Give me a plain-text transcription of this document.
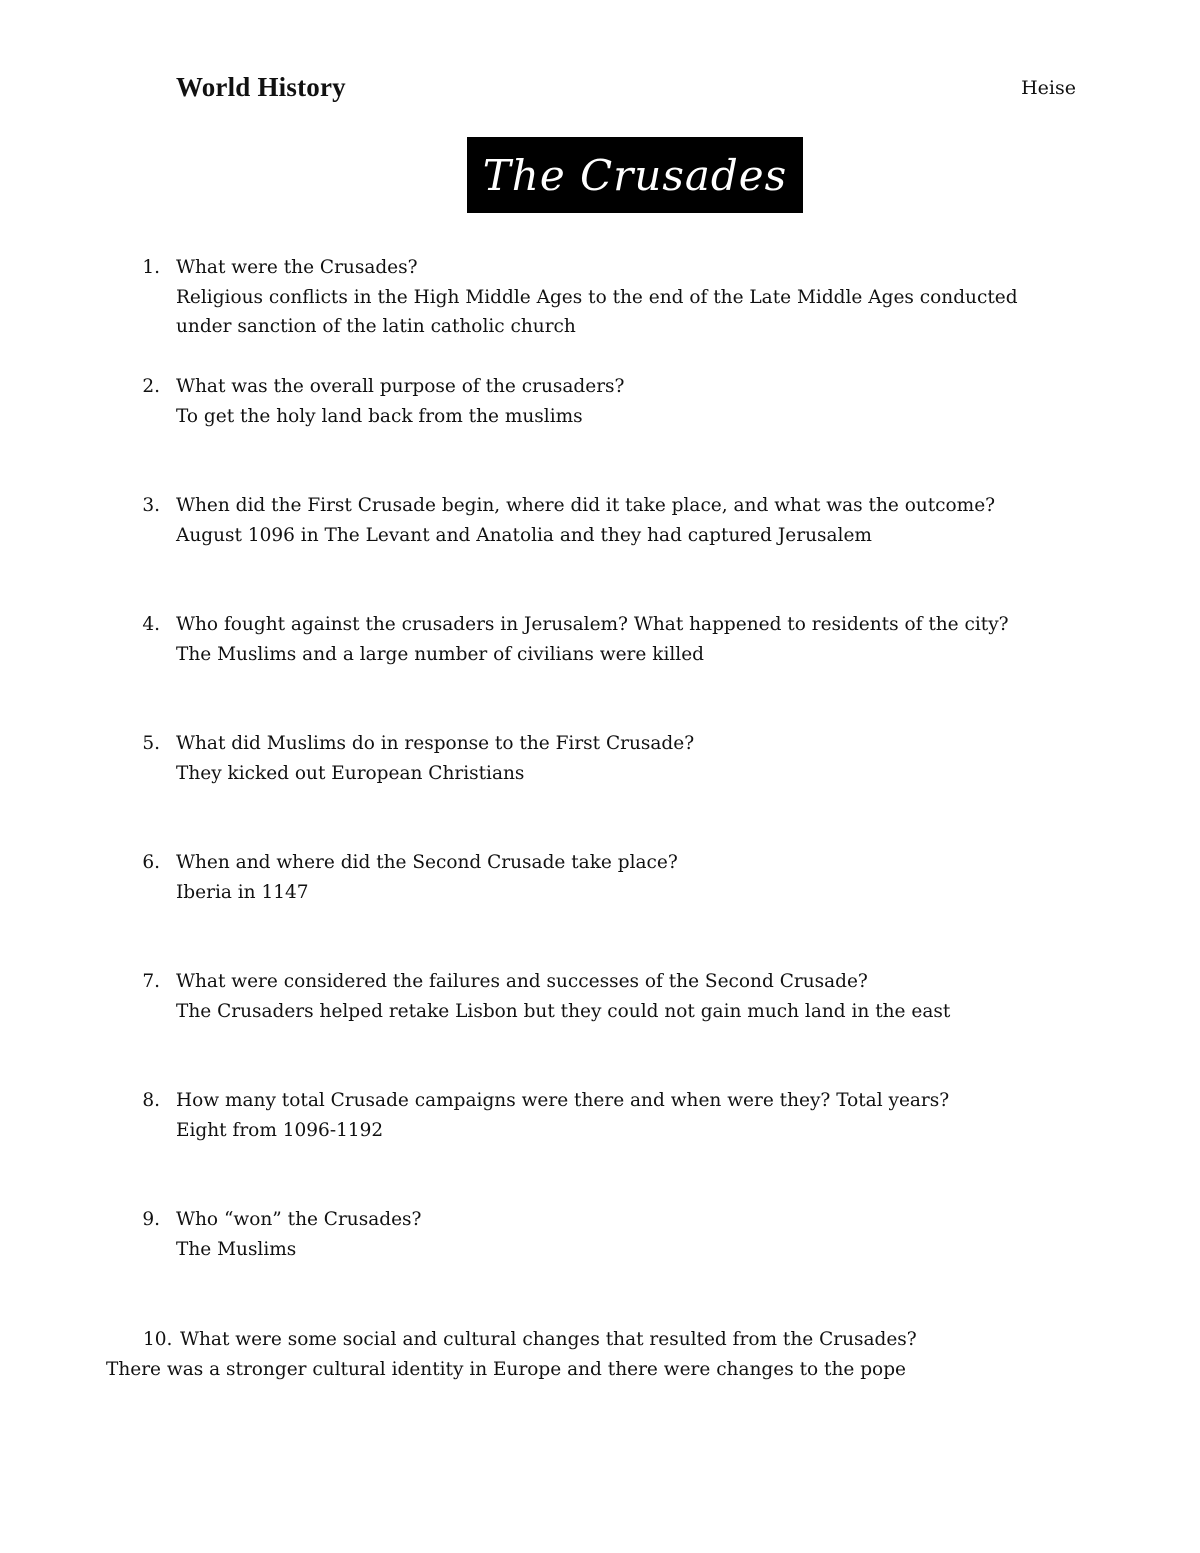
World History	Heise
The Crusades
1. What were the Crusades?
Religious conflicts in the High Middle Ages to the end of the Late Middle Ages conducted
under sanction of the latin catholic church
2. What was the overall purpose of the crusaders?
To get the holy land back from the muslims
3. When did the First Crusade begin, where did it take place, and what was the outcome?
August 1096 in The Levant and Anatolia and they had captured Jerusalem
4. Who fought against the crusaders in Jerusalem? What happened to residents of the city?
The Muslims and a large number of civilians were killed
5. What did Muslims do in response to the First Crusade?
They kicked out European Christians
6. When and where did the Second Crusade take place?
Iberia in 1147
7. What were considered the failures and successes of the Second Crusade?
The Crusaders helped retake Lisbon but they could not gain much land in the east
8. How many total Crusade campaigns were there and when were they? Total years?
Eight from 1096-1192
9. Who “won” the Crusades?
The Muslims
10. What were some social and cultural changes that resulted from the Crusades?
There was a stronger cultural identity in Europe and there were changes to the pope
